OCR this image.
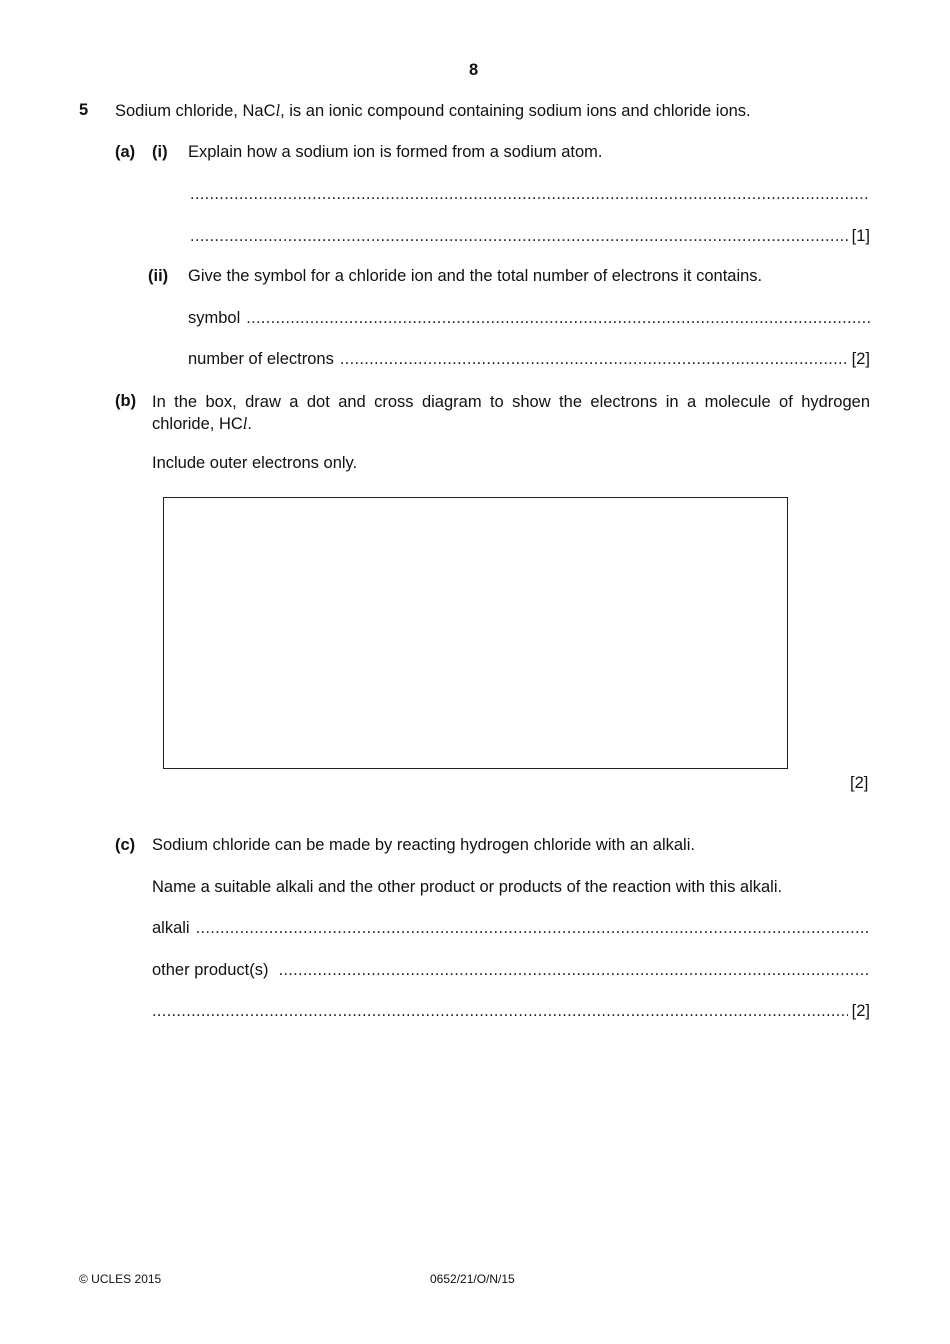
8
5 Sodium chloride, NaCl, is an ionic compound containing sodium ions and chloride ions.
(a) (i) Explain how a sodium ion is formed from a sodium atom.
.....
.....
[1]
(ii) Give the symbol for a chloride ion and the total number of electrons it contains.
symbol
.....
number of electrons
.....	[2]
(b) In the box, draw a dot and cross diagram to show the electrons in a molecule of hydrogen chloride, HCl.
Include outer electrons only.
[2]
(c) Sodium chloride can be made by reacting hydrogen chloride with an alkali.
Name a suitable alkali and the other product or products of the reaction with this alkali.
alkali
.....
other product(s)
.....
.....
[2]
© UCLES 2015	0652/21/O/N/15
